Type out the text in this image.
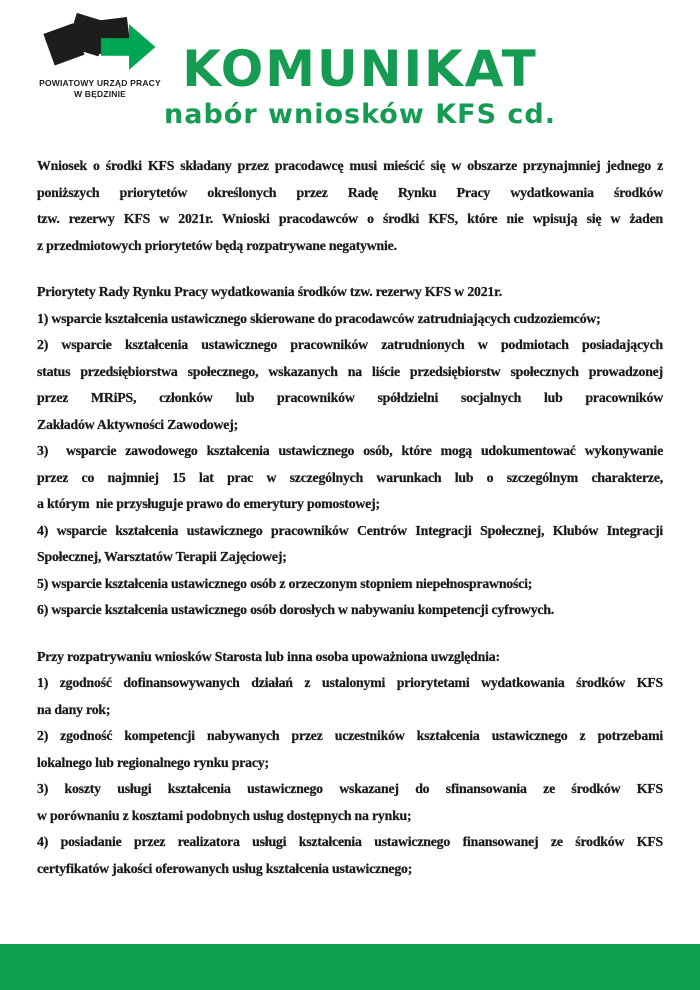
POWIATOWY URZĄD PRACY
W BĘDZINIE	KOMUNIKAT
nabór wniosków KFS cd.
Wniosek o środki KFS składany przez pracodawcę musi mieścić się w obszarze przynajmniej jednego z
poniższych priorytetów określonych przez Radę Rynku Pracy wydatkowania środków
tzw. rezerwy KFS w 2021r. Wnioski pracodawców o środki KFS, które nie wpisują się w żaden
z przedmiotowych priorytetów będą rozpatrywane negatywnie.
Priorytety Rady Rynku Pracy wydatkowania środków tzw. rezerwy KFS w 2021r.
1) wsparcie kształcenia ustawicznego skierowane do pracodawców zatrudniających cudzoziemców;
2) wsparcie kształcenia ustawicznego pracowników zatrudnionych w podmiotach posiadających
status przedsiębiorstwa społecznego, wskazanych na liście przedsiębiorstw społecznych prowadzonej
przez MRiPS, członków lub pracowników spółdzielni socjalnych lub pracowników
Zakładów Aktywności Zawodowej;
3)  wsparcie zawodowego kształcenia ustawicznego osób, które mogą udokumentować wykonywanie
przez co najmniej 15 lat prac w szczególnych warunkach lub o szczególnym charakterze,
a którym  nie przysługuje prawo do emerytury pomostowej;
4) wsparcie kształcenia ustawicznego pracowników Centrów Integracji Społecznej, Klubów Integracji
Społecznej, Warsztatów Terapii Zajęciowej;
5) wsparcie kształcenia ustawicznego osób z orzeczonym stopniem niepełnosprawności;
6) wsparcie kształcenia ustawicznego osób dorosłych w nabywaniu kompetencji cyfrowych.
Przy rozpatrywaniu wniosków Starosta lub inna osoba upoważniona uwzględnia:
1) zgodność dofinansowywanych działań z ustalonymi priorytetami wydatkowania środków KFS
na dany rok;
2) zgodność kompetencji nabywanych przez uczestników kształcenia ustawicznego z potrzebami
lokalnego lub regionalnego rynku pracy;
3) koszty usługi kształcenia ustawicznego wskazanej do sfinansowania ze środków KFS
w porównaniu z kosztami podobnych usług dostępnych na rynku;
4) posiadanie przez realizatora usługi kształcenia ustawicznego finansowanej ze środków KFS
certyfikatów jakości oferowanych usług kształcenia ustawicznego;
